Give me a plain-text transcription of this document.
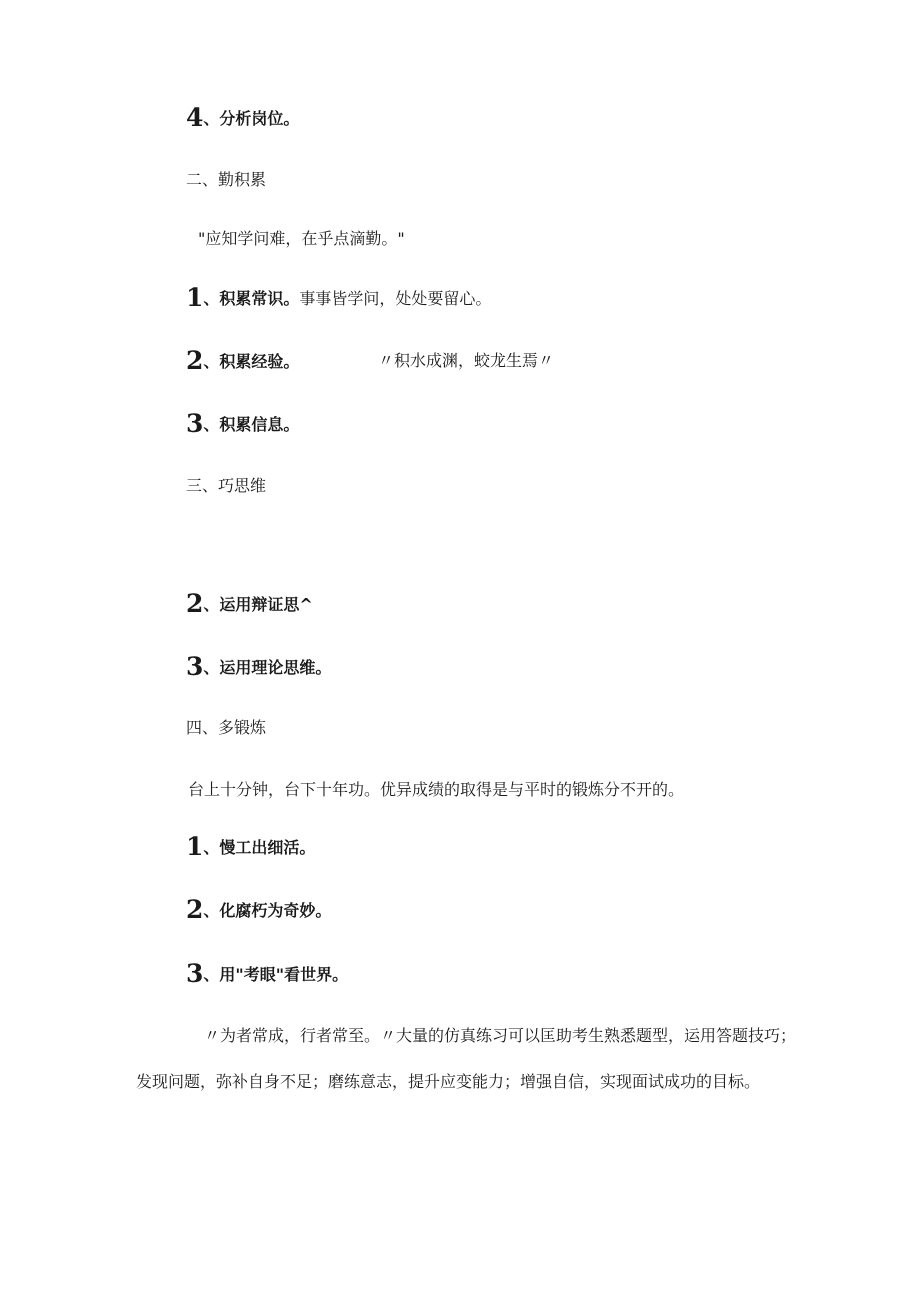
4、分析岗位。
二、勤积累
"应知学问难，在乎点滴勤。"
1、积累常识。事事皆学问，处处要留心。
2、积累经验。	〃积水成渊，蛟龙生焉〃
3、积累信息。
三、巧思维
2、运用辩证思^
3、运用理论思维。
四、多锻炼
台上十分钟，台下十年功。优异成绩的取得是与平时的锻炼分不开的。
1、慢工出细活。
2、化腐朽为奇妙。
3、用"考眼"看世界。
〃为者常成，行者常至。〃大量的仿真练习可以匡助考生熟悉题型，运用答题技巧；发现问题，弥补自身不足；磨练意志，提升应变能力；增强自信，实现面试成功的目标。
